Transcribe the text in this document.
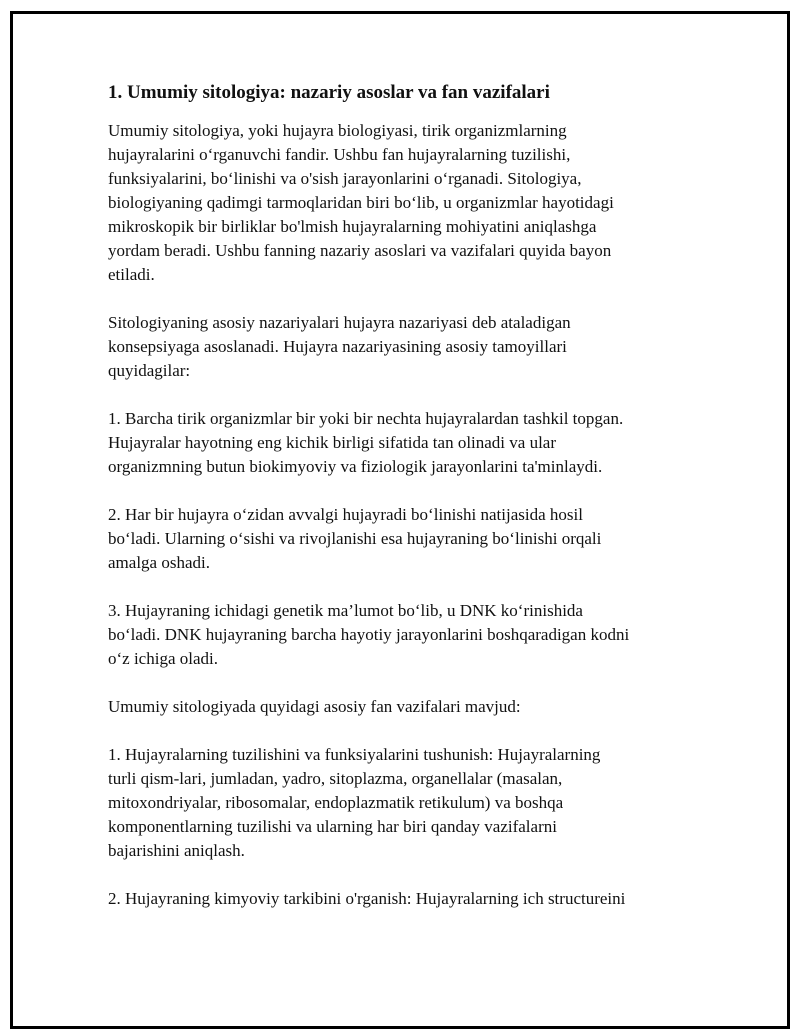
1. Umumiy sitologiya: nazariy asoslar va fan vazifalari

Umumiy sitologiya, yoki hujayra biologiyasi, tirik organizmlarning
hujayralarini o‘rganuvchi fandir. Ushbu fan hujayralarning tuzilishi,
funksiyalarini, bo‘linishi va o'sish jarayonlarini o‘rganadi. Sitologiya,
biologiyaning qadimgi tarmoqlaridan biri bo‘lib, u organizmlar hayotidagi
mikroskopik bir birliklar bo'lmish hujayralarning mohiyatini aniqlashga
yordam beradi. Ushbu fanning nazariy asoslari va vazifalari quyida bayon
etiladi.

Sitologiyaning asosiy nazariyalari hujayra nazariyasi deb ataladigan
konsepsiyaga asoslanadi. Hujayra nazariyasining asosiy tamoyillari
quyidagilar:

1. Barcha tirik organizmlar bir yoki bir nechta hujayralardan tashkil topgan.
Hujayralar hayotning eng kichik birligi sifatida tan olinadi va ular
organizmning butun biokimyoviy va fiziologik jarayonlarini ta'minlaydi.

2. Har bir hujayra o‘zidan avvalgi hujayradi bo‘linishi natijasida hosil
bo‘ladi. Ularning o‘sishi va rivojlanishi esa hujayraning bo‘linishi orqali
amalga oshadi.

3. Hujayraning ichidagi genetik ma’lumot bo‘lib, u DNK ko‘rinishida
bo‘ladi. DNK hujayraning barcha hayotiy jarayonlarini boshqaradigan kodni
o‘z ichiga oladi.

Umumiy sitologiyada quyidagi asosiy fan vazifalari mavjud:

1. Hujayralarning tuzilishini va funksiyalarini tushunish: Hujayralarning
turli qism-lari, jumladan, yadro, sitoplazma, organellalar (masalan,
mitoxondriyalar, ribosomalar, endoplazmatik retikulum) va boshqa
komponentlarning tuzilishi va ularning har biri qanday vazifalarni
bajarishini aniqlash.

2. Hujayraning kimyoviy tarkibini o'rganish: Hujayralarning ich structureini
